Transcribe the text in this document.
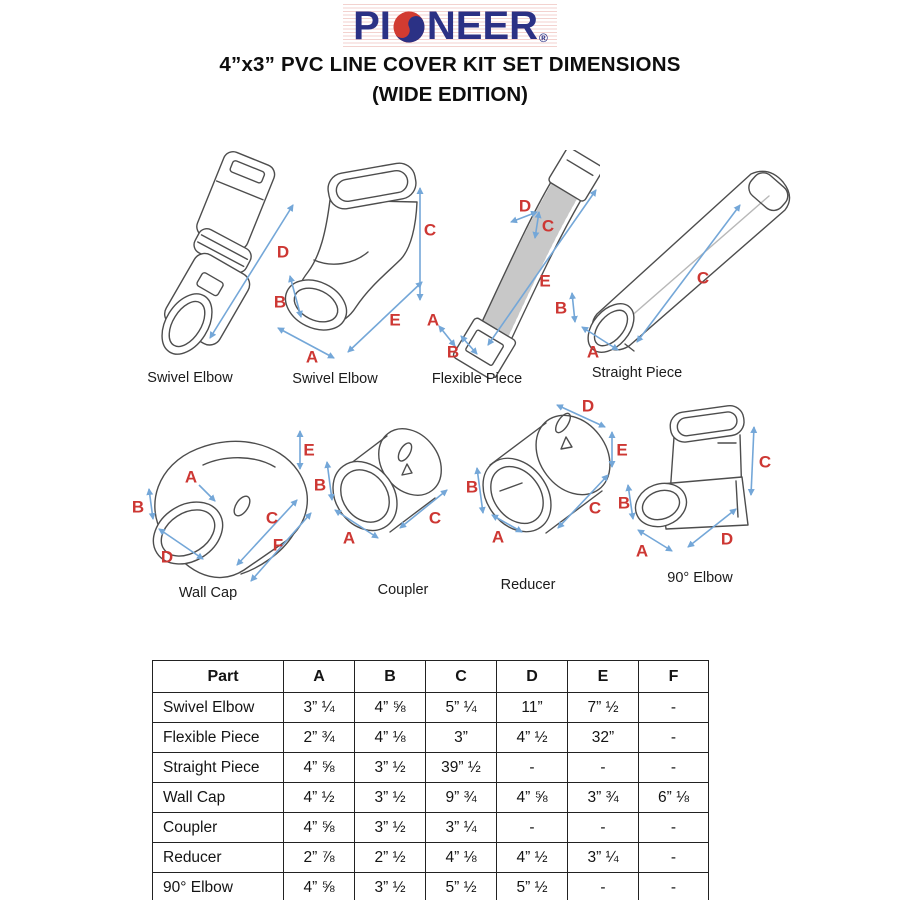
PI NEER ®
4”x3” PVC LINE COVER KIT SET DIMENSIONS
(WIDE EDITION)
D
Swivel Elbow
C
E
B
A
Swivel Elbow
D
C
E
A
B
Flexible Piece
C
B
A
Straight Piece
A
B
D
E
C
F
Wall Cap
B
A
C
Coupler
D
E
C
B
A
Reducer
C
D
B
A
90° Elbow
Part	A	B	C	D	E	F
Swivel Elbow	3” ¼	4” ⅝	5” ¼	11”	7” ½	-
Flexible Piece	2” ¾	4” ⅛	3”	4” ½	32”	-
Straight Piece	4” ⅝	3” ½	39” ½	-	-	-
Wall Cap	4” ½	3” ½	9” ¾	4” ⅝	3” ¾	6” ⅛
Coupler	4” ⅝	3” ½	3” ¼	-	-	-
Reducer	2” ⅞	2” ½	4” ⅛	4” ½	3” ¼	-
90° Elbow	4” ⅝	3” ½	5” ½	5” ½	-	-
